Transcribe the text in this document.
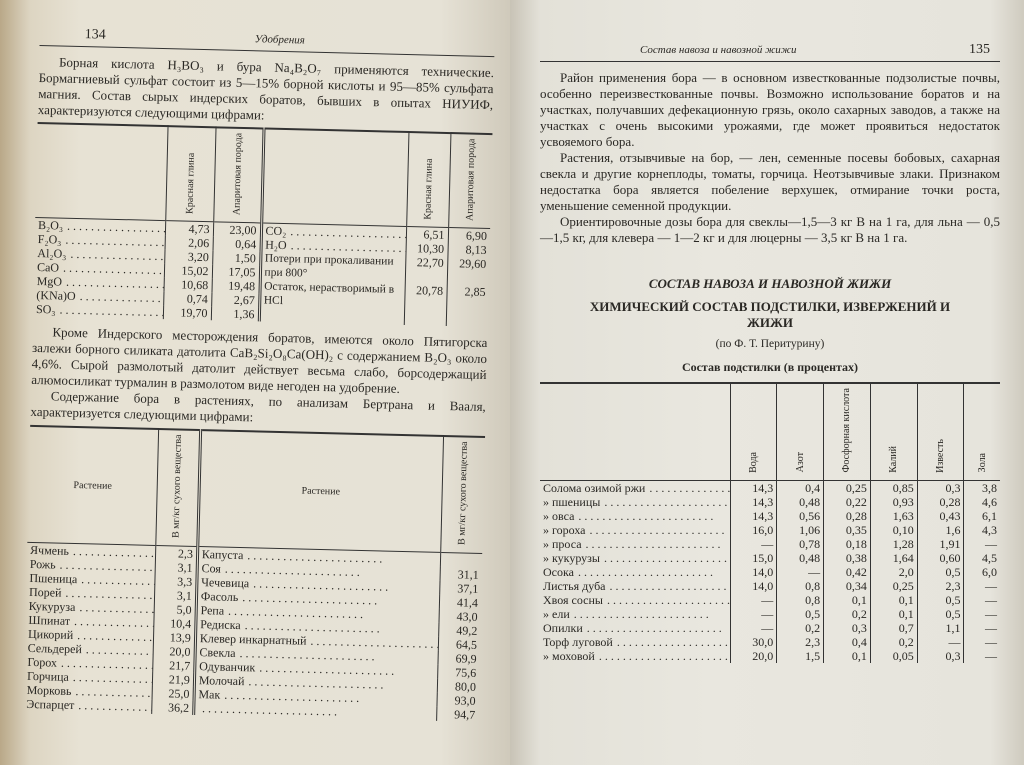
134	Удобрения

Борная кислота H₃BO₃ и бура Na₄B₂O₇ применяются технические. Бормагниевый сульфат состоит из 5—15% борной кислоты и 95—85% сульфата магния. Состав сырых индерских боратов, бывших в опытах НИУИФ, характеризуются следующими цифрами:

	Красная глина	Апаритовая порода		Красная глина	Апаритовая порода
B₂O₃ . . .	4,73	23,00	CO₂ . . .	6,51	6,90
F₂O₃ . . .	2,06	0,64	H₂O . . .	10,30	8,13
Al₂O₃ . . .	3,20	1,50	Потери при прокаливании при 800°	22,70	29,60
CaO . . .	15,02	17,05			
MgO . . .	10,68	19,48	Остаток, нерастворимый в HCl	20,78	2,85
(KNa)O . . .	0,74	2,67			
SO₃ . . .	19,70	1,36			

Кроме Индерского месторождения боратов, имеются около Пятигорска залежи борного силиката датолита CaB₂Si₂O₈Ca(OH)₂ с содержанием B₂O₃ около 4,6%. Сырой размолотый датолит действует весьма слабо, борсодержащий алюмосиликат турмалин в размолотом виде негоден на удобрение.

Содержание бора в растениях, по анализам Бертрана и Вааля, характеризуется следующими цифрами:

Растение	В мг/кг сухого вещества	Растение	В мг/кг сухого вещества
Ячмень . . .	2,3	Капуста . . .	
Рожь . . .	3,1	Соя . . .	31,1
Пшеница . . .	3,3	Чечевица . . .	37,1
Порей . . .	3,1	Фасоль . . .	41,4
Кукуруза . . .	5,0	Репа . . .	43,0
Шпинат . . .	10,4	Редиска . . .	49,2
Цикорий . . .	13,9	Клевер инкарнатный . . .	64,5
Сельдерей . . .	20,0	Свекла . . .	69,9
Горох . . .	21,7	Одуванчик . . .	75,6
Горчица . . .	21,9	Молочай . . .	80,0
Морковь . . .	25,0	Мак . . .	93,0
Эспарцет . . .	36,2	. . .	94,7
Состав навоза и навозной жижи	135

Район применения бора — в основном известкованные подзолистые почвы, особенно переизвесткованные почвы. Возможно использование боратов и на участках, получавших дефекационную грязь, около сахарных заводов, а также на участках с очень высокими урожаями, где может проявиться недостаток усвояемого бора.

Растения, отзывчивые на бор, — лен, семенные посевы бобовых, сахарная свекла и другие корнеплоды, томаты, горчица. Неотзывчивые злаки. Признаком недостатка бора является побеление верхушек, отмирание точки роста, уменьшение семенной продукции.

Ориентировочные дозы бора для свеклы—1,5—3 кг B на 1 га, для льна — 0,5—1,5 кг, для клевера — 1—2 кг и для люцерны — 3,5 кг B на 1 га.

СОСТАВ НАВОЗА И НАВОЗНОЙ ЖИЖИ
ХИМИЧЕСКИЙ СОСТАВ ПОДСТИЛКИ, ИЗВЕРЖЕНИЙ И ЖИЖИ
(по Ф. Т. Перитурину)
Состав подстилки (в процентах)
	Вода	Азот	Фосфорная кислота	Калий	Известь	Зола
Солома озимой ржи . . .	14,3	0,4	0,25	0,85	0,3	3,8
» пшеницы . . .	14,3	0,48	0,22	0,93	0,28	4,6
» овса . . .	14,3	0,56	0,28	1,63	0,43	6,1
» гороха . . .	16,0	1,06	0,35	0,10	1,6	4,3
» проса . . .	—	0,78	0,18	1,28	1,91	—
» кукурузы . . .	15,0	0,48	0,38	1,64	0,60	4,5
Осока . . .	14,0	—	0,42	2,0	0,5	6,0
Листья дуба . . .	14,0	0,8	0,34	0,25	2,3	—
Хвоя сосны . . .	—	0,8	0,1	0,1	0,5	—
» ели . . .	—	0,5	0,2	0,1	0,5	—
Опилки . . .	—	0,2	0,3	0,7	1,1	—
Торф луговой . . .	30,0	2,3	0,4	0,2	—	—
» моховой . . .	20,0	1,5	0,1	0,05	0,3	—
